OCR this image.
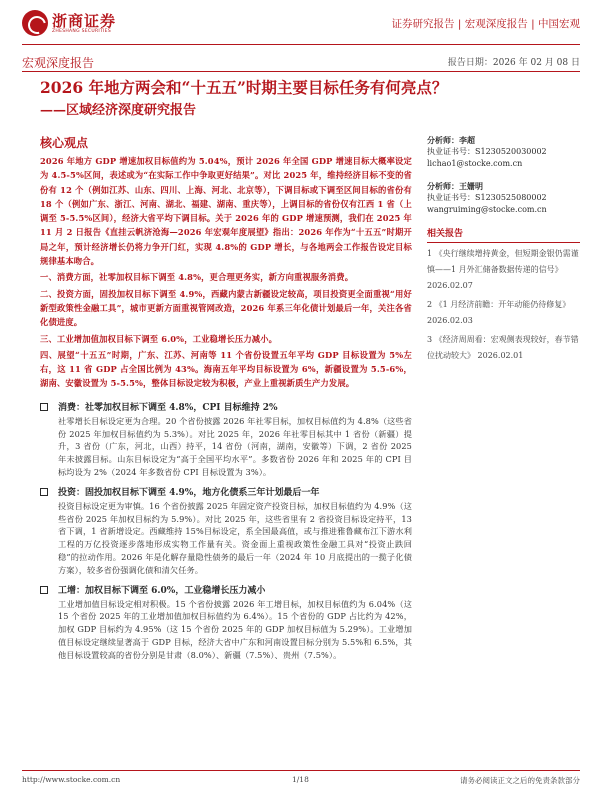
浙商证券
ZHESHANG SECURITIES
证券研究报告 | 宏观深度报告 | 中国宏观
宏观深度报告	报告日期：2026 年 02 月 08 日
2026 年地方两会和“十五五”时期主要目标任务有何亮点？
——区域经济深度研究报告
核心观点

2026 年地方 GDP 增速加权目标值约为 5.04%，预计 2026 年全国 GDP 增速目标大概率设定为 4.5-5%区间，表述或为“在实际工作中争取更好结果”。对比 2025 年，维持经济目标不变的省份有 12 个（例如江苏、山东、四川、上海、河北、北京等），下调目标或下调至区间目标的省份有 18 个（例如广东、浙江、河南、湖北、福建、湖南、重庆等），上调目标的省份仅有江西 1 省（上调至 5-5.5%区间），经济大省平均下调目标。关于 2026 年的 GDP 增速预测，我们在 2025 年 11 月 2 日报告《直挂云帆济沧海—2026 年宏观年度展望》指出：2026 年作为“十五五”时期开局之年，预计经济增长仍将力争开门红，实现 4.8%的 GDP 增长，与各地两会工作报告设定目标规律基本吻合。

一、消费方面，社零加权目标下调至 4.8%，更合理更务实，新方向重视服务消费。

二、投资方面，固投加权目标下调至 4.9%，西藏内蒙古新疆设定较高，项目投资更全面重视“用好新型政策性金融工具”，城市更新方面重视管网改造，2026 年系三年化债计划最后一年，关注各省化债进度。

三、工业增加值加权目标下调至 6.0%，工业稳增长压力减小。

四、展望“十五五”时期，广东、江苏、河南等 11 个省份设置五年平均 GDP 目标设置为 5%左右，这 11 省 GDP 占全国比例为 43%。海南五年平均目标设置为 6%，新疆设置为 5.5-6%，湖南、安徽设置为 5-5.5%，整体目标设定较为积极，产业上重视新质生产力发展。

消费：社零加权目标下调至 4.8%，CPI 目标维持 2%
社零增长目标设定更为合理。20 个省份披露 2026 年社零目标，加权目标值约为 4.8%（这些省份 2025 年加权目标值约为 5.3%）。对比 2025 年，2026 年社零目标其中 1 省份（新疆）提升，3 省份（广东，河北，山西）持平，14 省份（河南，湖南，安徽等）下调，2 省份 2025 年未披露目标。山东目标设定为“高于全国平均水平”。多数省份 2026 年和 2025 年的 CPI 目标均设为 2%（2024 年多数省份 CPI 目标设置为 3%）。
投资：固投加权目标下调至 4.9%，地方化债系三年计划最后一年
投资目标设定更为审慎。16 个省份披露 2025 年固定资产投资目标，加权目标值约为 4.9%（这些省份 2025 年加权目标约为 5.9%）。对比 2025 年，这些省里有 2 省投资目标设定持平，13 省下调，1 省新增设定。西藏维持 15%目标设定，系全国最高值，或与推进雅鲁藏布江下游水利工程的万亿投资逐步落地形成实物工作量有关。资金面上重视政策性金融工具对“投资止跌回稳”的拉动作用。2026 年是化解存量隐性债务的最后一年（2024 年 10 月底提出的一揽子化债方案），较多省份强调化债和清欠任务。
工增：加权目标下调至 6.0%，工业稳增长压力减小
工业增加值目标设定相对积极。15 个省份披露 2026 年工增目标，加权目标值约为 6.04%（这 15 个省份 2025 年的工业增加值加权目标值约为 6.4%）。15 个省份的 GDP 占比约为 42%，加权 GDP 目标约为 4.95%（这 15 个省份 2025 年的 GDP 加权目标值为 5.29%）。工业增加值目标设定继续显著高于 GDP 目标，经济大省中广东和河南设置目标分别为 5.5%和 6.5%，其他目标设置较高的省份分别是甘肃（8.0%）、新疆（7.5%）、贵州（7.5%）。
分析师：李超
执业证书号：S1230520030002
lichao1@stocke.com.cn
分析师：王姗明
执业证书号：S1230525080002
wangruiming@stocke.com.cn
相关报告
1 《央行继续增持黄金，但短期金银仍需谨慎——1 月外汇储备数据传递的信号》 2026.02.07
2 《1 月经济前瞻：开年动能仍待修复》 2026.02.03
3 《经济周周看：宏观侧表现较好，春节错位扰动较大》 2026.02.01
http://www.stocke.com.cn	1/18	请务必阅读正文之后的免责条款部分
